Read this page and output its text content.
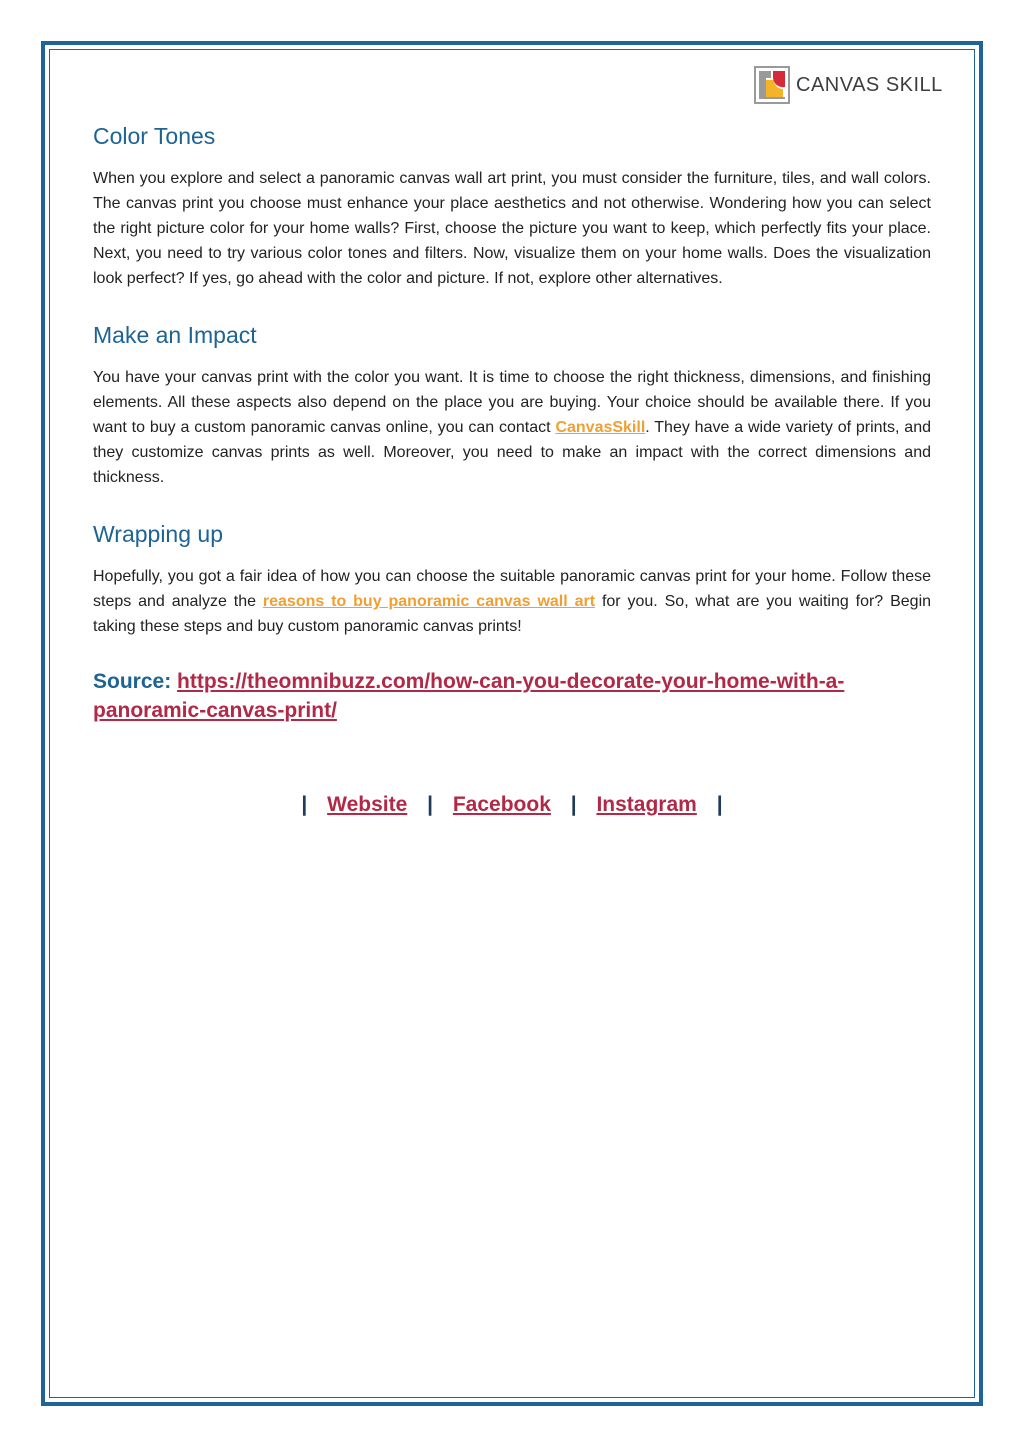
CANVAS SKILL
Color Tones

When you explore and select a panoramic canvas wall art print, you must consider the furniture, tiles, and wall colors. The canvas print you choose must enhance your place aesthetics and not otherwise. Wondering how you can select the right picture color for your home walls? First, choose the picture you want to keep, which perfectly fits your place. Next, you need to try various color tones and filters. Now, visualize them on your home walls. Does the visualization look perfect? If yes, go ahead with the color and picture. If not, explore other alternatives.

Make an Impact

You have your canvas print with the color you want. It is time to choose the right thickness, dimensions, and finishing elements. All these aspects also depend on the place you are buying. Your choice should be available there. If you want to buy a custom panoramic canvas online, you can contact CanvasSkill. They have a wide variety of prints, and they customize canvas prints as well. Moreover, you need to make an impact with the correct dimensions and thickness.

Wrapping up

Hopefully, you got a fair idea of how you can choose the suitable panoramic canvas print for your home. Follow these steps and analyze the reasons to buy panoramic canvas wall art for you. So, what are you waiting for? Begin taking these steps and buy custom panoramic canvas prints!

Source: https://theomnibuzz.com/how-can-you-decorate-your-home-with-a-panoramic-canvas-print/
| Website | Facebook | Instagram |
